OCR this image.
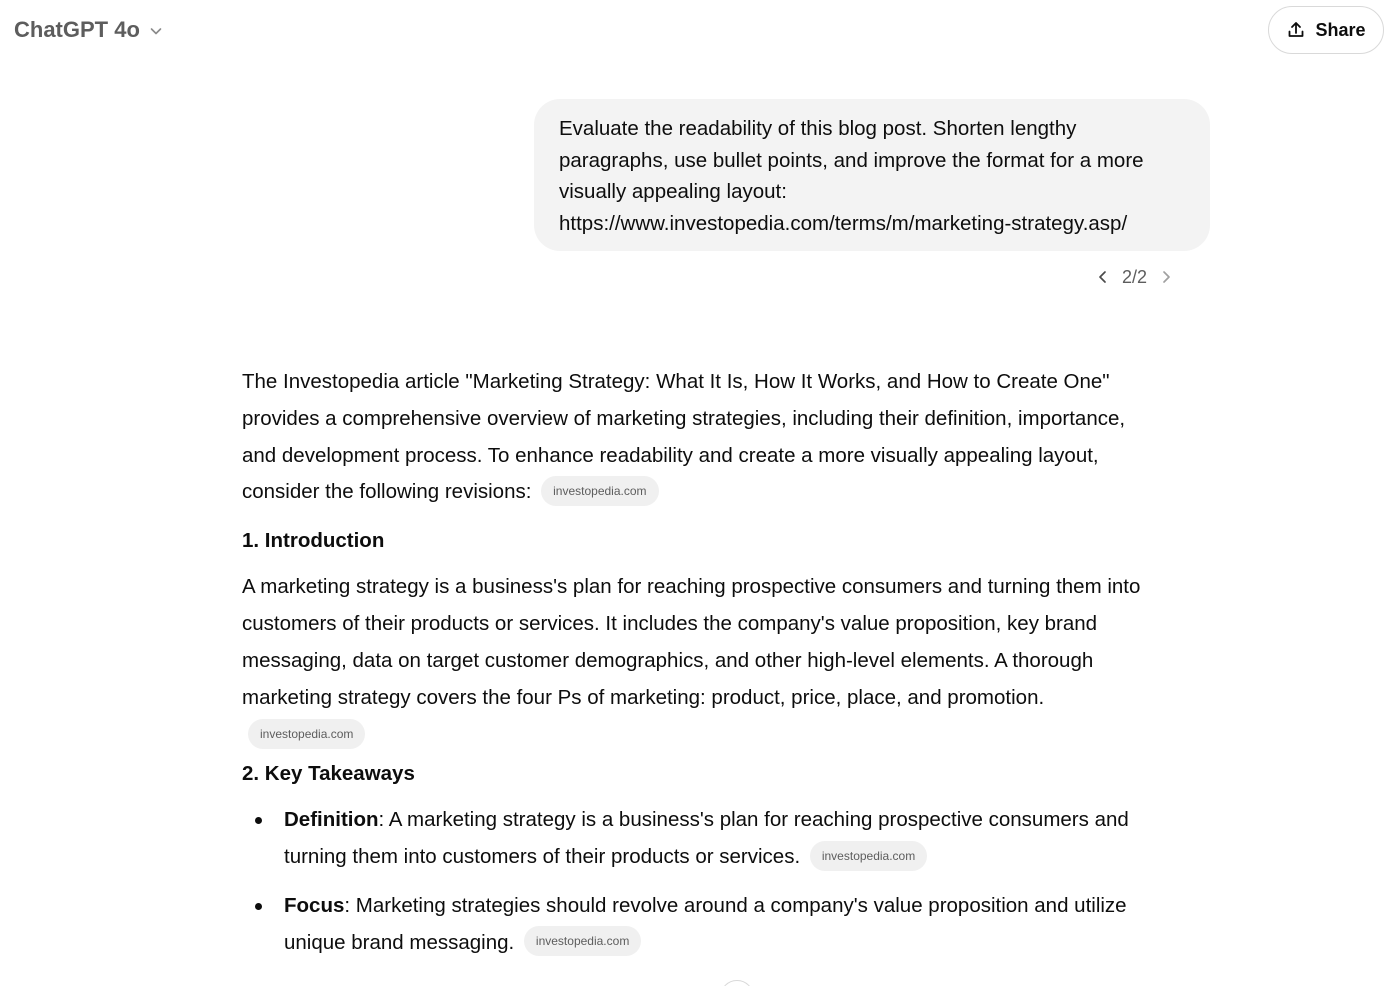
ChatGPT 4o	Share
Evaluate the readability of this blog post. Shorten lengthy
paragraphs, use bullet points, and improve the format for a more
visually appealing layout:
https://www.investopedia.com/terms/m/marketing-strategy.asp/
2/2
The Investopedia article "Marketing Strategy: What It Is, How It Works, and How to Create One"
provides a comprehensive overview of marketing strategies, including their definition, importance,
and development process. To enhance readability and create a more visually appealing layout,
consider the following revisions: investopedia.com
1. Introduction
A marketing strategy is a business's plan for reaching prospective consumers and turning them into
customers of their products or services. It includes the company's value proposition, key brand
messaging, data on target customer demographics, and other high-level elements. A thorough
marketing strategy covers the four Ps of marketing: product, price, place, and promotion.
investopedia.com
2. Key Takeaways
Definition: A marketing strategy is a business's plan for reaching prospective consumers and
turning them into customers of their products or services. investopedia.com
Focus: Marketing strategies should revolve around a company's value proposition and utilize
unique brand messaging. investopedia.com
